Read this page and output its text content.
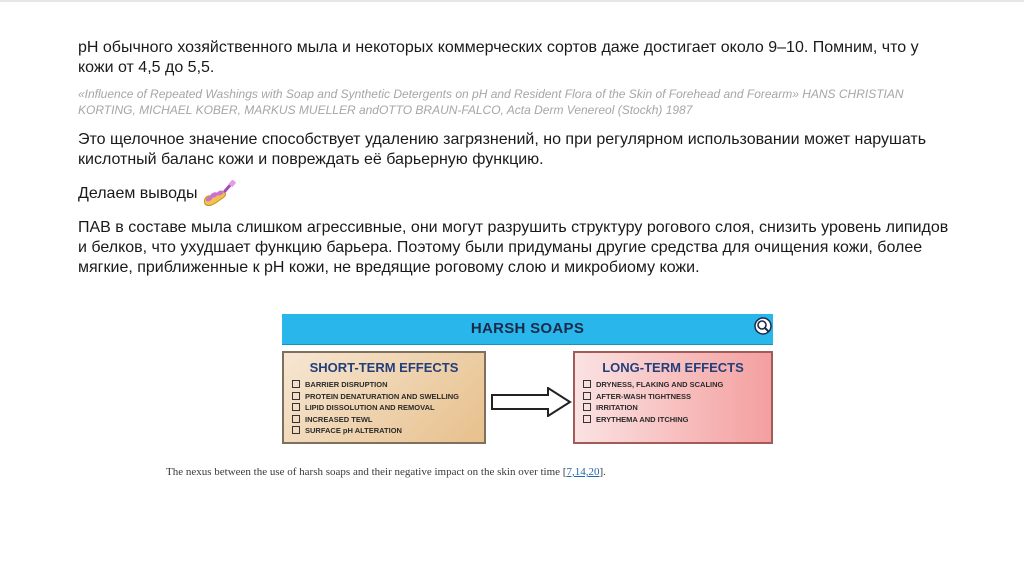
pH обычного хозяйственного мыла и некоторых коммерческих сортов даже достигает около 9–10. Помним, что у кожи от 4,5 до 5,5.

«Influence of Repeated Washings with Soap and Synthetic Detergents on pH and Resident Flora of the Skin of Forehead and Forearm» HANS CHRISTIAN KORTING, MICHAEL KOBER, MARKUS MUELLER andOTTO BRAUN-FALCO, Acta Derm Venereol (Stockh) 1987

Это щелочное значение способствует удалению загрязнений, но при регулярном использовании может нарушать кислотный баланс кожи и повреждать её барьерную функцию.

Делаем выводы

ПАВ в составе мыла слишком агрессивные, они могут разрушить структуру рогового слоя, снизить уровень липидов и белков, что ухудшает функцию барьера. Поэтому были придуманы другие средства для очищения кожи, более мягкие, приближенные к pH кожи, не вредящие роговому слою и микробиому кожи.

HARSH SOAPS
SHORT-TERM EFFECTS
BARRIER DISRUPTION
PROTEIN DENATURATION AND SWELLING
LIPID DISSOLUTION AND REMOVAL
INCREASED TEWL
SURFACE pH ALTERATION
LONG-TERM EFFECTS
DRYNESS, FLAKING AND SCALING
AFTER-WASH TIGHTNESS
IRRITATION
ERYTHEMA AND ITCHING
The nexus between the use of harsh soaps and their negative impact on the skin over time [7,14,20].
